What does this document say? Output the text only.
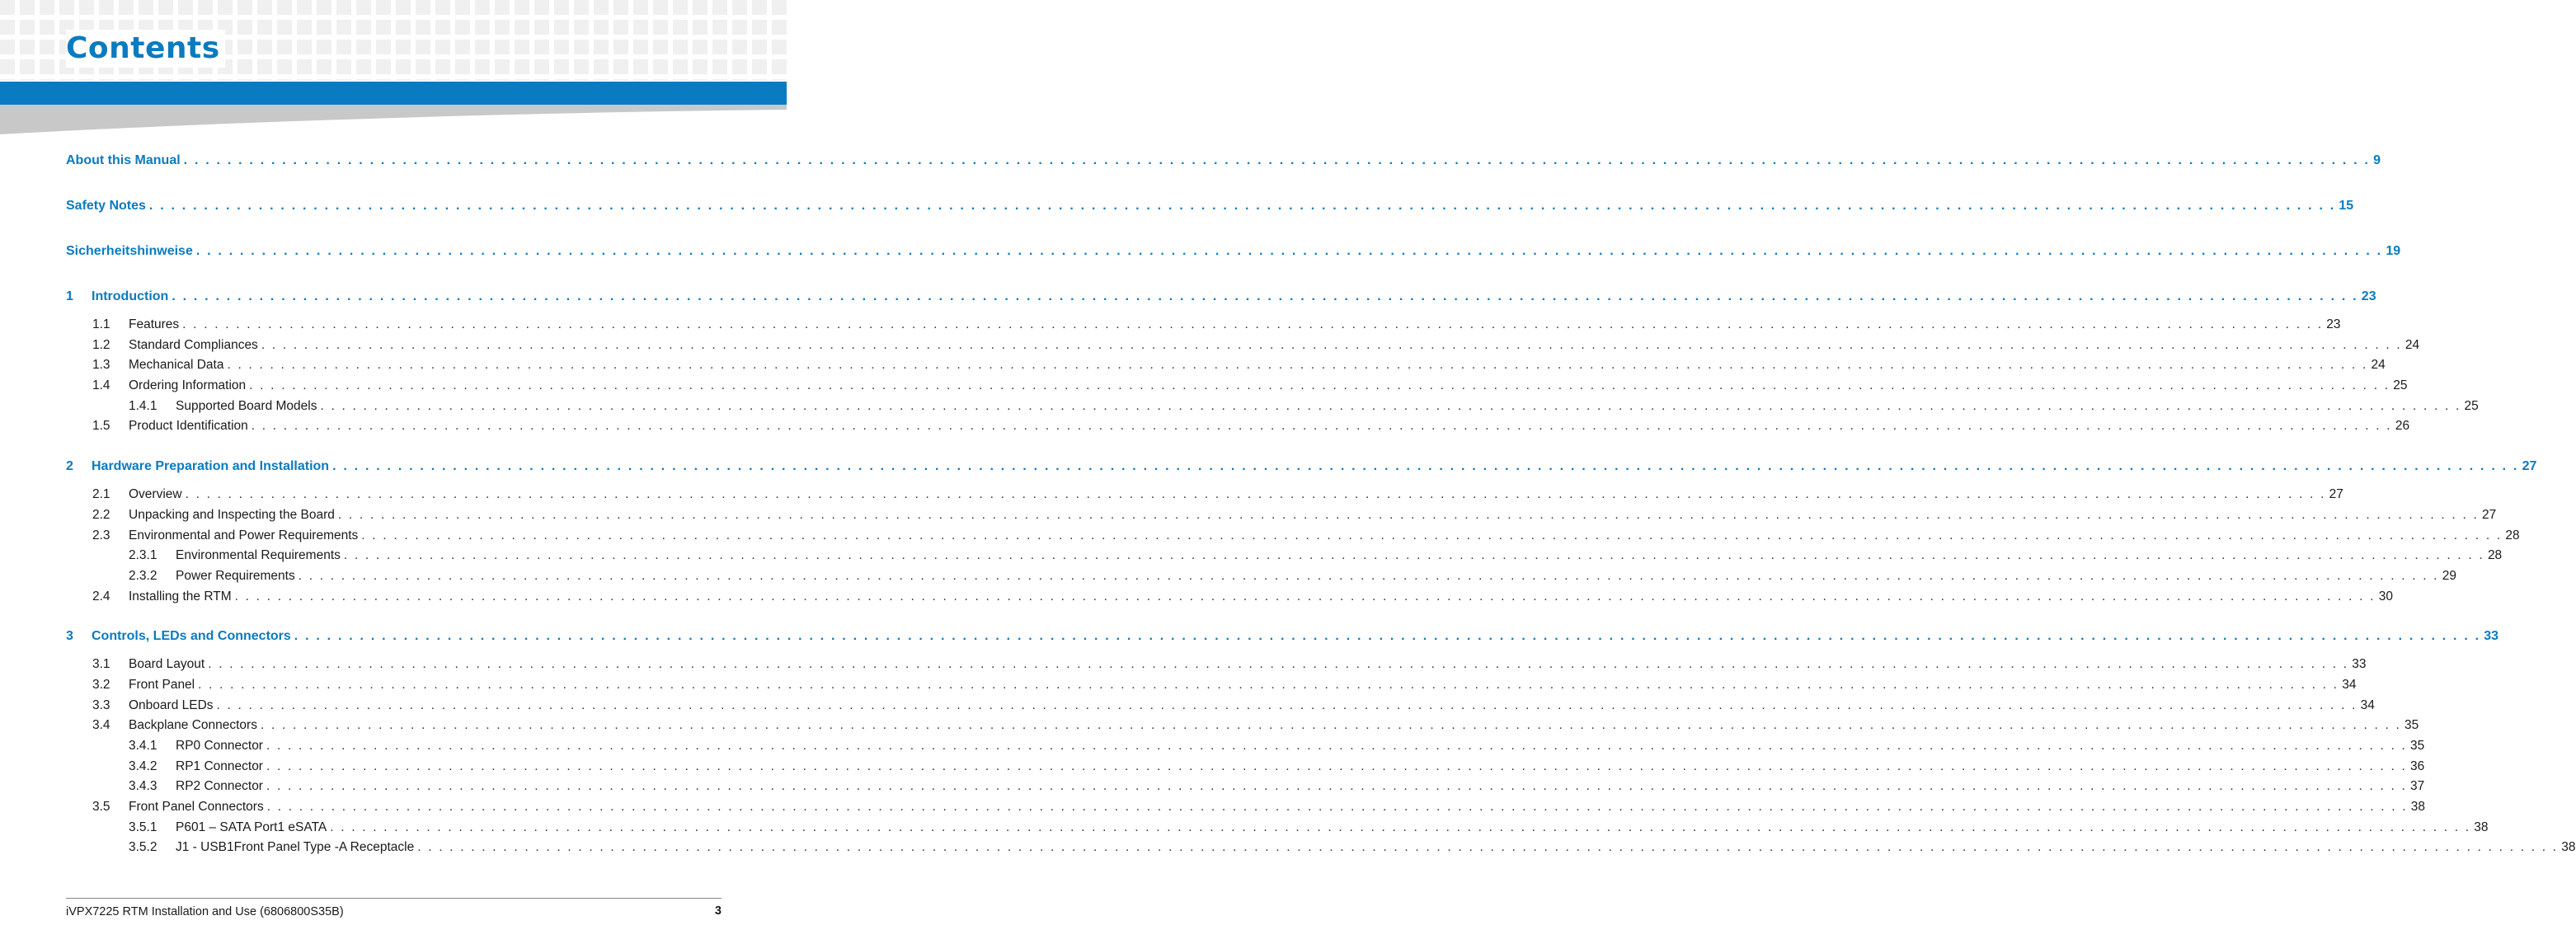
Contents
About this Manual . . . . . . . . . . . . . . . . . . . . . . . . . . . . . . . . . . . . . . . . . . . . . . . . . . . . . . . . . . . . . . . . . . . . . . . . . . . . . . . . . . . . . . . . . . . . . . . . . . . . . . . . . . . . . . . . . . . . . . . . . . . . . . . . . . . . . . . . . . . . . . . . . . . . . . . . . . . . . . . . . . . . . . . . . . . . . . . . . . . . . . . . . . . . . . . . . . . . . . . . 9
Safety Notes . . . . . . . . . . . . . . . . . . . . . . . . . . . . . . . . . . . . . . . . . . . . . . . . . . . . . . . . . . . . . . . . . . . . . . . . . . . . . . . . . . . . . . . . . . . . . . . . . . . . . . . . . . . . . . . . . . . . . . . . . . . . . . . . . . . . . . . . . . . . . . . . . . . . . . . . . . . . . . . . . . . . . . . . . . . . . . . . . . . . . . . . . . . . . . . . . . . . . . . . 15
Sicherheitshinweise . . . . . . . . . . . . . . . . . . . . . . . . . . . . . . . . . . . . . . . . . . . . . . . . . . . . . . . . . . . . . . . . . . . . . . . . . . . . . . . . . . . . . . . . . . . . . . . . . . . . . . . . . . . . . . . . . . . . . . . . . . . . . . . . . . . . . . . . . . . . . . . . . . . . . . . . . . . . . . . . . . . . . . . . . . . . . . . . . . . . . . . . . . . . . . . . . . . . . . . . 19
1	Introduction . . . . . . . . . . . . . . . . . . . . . . . . . . . . . . . . . . . . . . . . . . . . . . . . . . . . . . . . . . . . . . . . . . . . . . . . . . . . . . . . . . . . . . . . . . . . . . . . . . . . . . . . . . . . . . . . . . . . . . . . . . . . . . . . . . . . . . . . . . . . . . . . . . . . . . . . . . . . . . . . . . . . . . . . . . . . . . . . . . . . . . . . . . . . . . . . . . . . . . . . 23
1.1	Features . . . . . . . . . . . . . . . . . . . . . . . . . . . . . . . . . . . . . . . . . . . . . . . . . . . . . . . . . . . . . . . . . . . . . . . . . . . . . . . . . . . . . . . . . . . . . . . . . . . . . . . . . . . . . . . . . . . . . . . . . . . . . . . . . . . . . . . . . . . . . . . . . . . . . . . . . . . . . . . . . . . . . . . . . . . . . . . . . . . . . . . . . . . . . . . . . . . . . . . . 23
1.2	Standard Compliances . . . . . . . . . . . . . . . . . . . . . . . . . . . . . . . . . . . . . . . . . . . . . . . . . . . . . . . . . . . . . . . . . . . . . . . . . . . . . . . . . . . . . . . . . . . . . . . . . . . . . . . . . . . . . . . . . . . . . . . . . . . . . . . . . . . . . . . . . . . . . . . . . . . . . . . . . . . . . . . . . . . . . . . . . . . . . . . . . . . . . . . . . . . . . . . . . . . . . . . . 24
1.3	Mechanical Data . . . . . . . . . . . . . . . . . . . . . . . . . . . . . . . . . . . . . . . . . . . . . . . . . . . . . . . . . . . . . . . . . . . . . . . . . . . . . . . . . . . . . . . . . . . . . . . . . . . . . . . . . . . . . . . . . . . . . . . . . . . . . . . . . . . . . . . . . . . . . . . . . . . . . . . . . . . . . . . . . . . . . . . . . . . . . . . . . . . . . . . . . . . . . . . . . . . . . . . . 24
1.4	Ordering Information . . . . . . . . . . . . . . . . . . . . . . . . . . . . . . . . . . . . . . . . . . . . . . . . . . . . . . . . . . . . . . . . . . . . . . . . . . . . . . . . . . . . . . . . . . . . . . . . . . . . . . . . . . . . . . . . . . . . . . . . . . . . . . . . . . . . . . . . . . . . . . . . . . . . . . . . . . . . . . . . . . . . . . . . . . . . . . . . . . . . . . . . . . . . . . . . . . . . . . . . 25
1.4.1	Supported Board Models . . . . . . . . . . . . . . . . . . . . . . . . . . . . . . . . . . . . . . . . . . . . . . . . . . . . . . . . . . . . . . . . . . . . . . . . . . . . . . . . . . . . . . . . . . . . . . . . . . . . . . . . . . . . . . . . . . . . . . . . . . . . . . . . . . . . . . . . . . . . . . . . . . . . . . . . . . . . . . . . . . . . . . . . . . . . . . . . . . . . . . . . . . . . . . . . . . . . . . . . 25
1.5	Product Identification . . . . . . . . . . . . . . . . . . . . . . . . . . . . . . . . . . . . . . . . . . . . . . . . . . . . . . . . . . . . . . . . . . . . . . . . . . . . . . . . . . . . . . . . . . . . . . . . . . . . . . . . . . . . . . . . . . . . . . . . . . . . . . . . . . . . . . . . . . . . . . . . . . . . . . . . . . . . . . . . . . . . . . . . . . . . . . . . . . . . . . . . . . . . . . . . . . . . . . . . 26
2	Hardware Preparation and Installation . . . . . . . . . . . . . . . . . . . . . . . . . . . . . . . . . . . . . . . . . . . . . . . . . . . . . . . . . . . . . . . . . . . . . . . . . . . . . . . . . . . . . . . . . . . . . . . . . . . . . . . . . . . . . . . . . . . . . . . . . . . . . . . . . . . . . . . . . . . . . . . . . . . . . . . . . . . . . . . . . . . . . . . . . . . . . . . . . . . . . . . . . . . . . . . . . . . . . . . . 27
2.1	Overview . . . . . . . . . . . . . . . . . . . . . . . . . . . . . . . . . . . . . . . . . . . . . . . . . . . . . . . . . . . . . . . . . . . . . . . . . . . . . . . . . . . . . . . . . . . . . . . . . . . . . . . . . . . . . . . . . . . . . . . . . . . . . . . . . . . . . . . . . . . . . . . . . . . . . . . . . . . . . . . . . . . . . . . . . . . . . . . . . . . . . . . . . . . . . . . . . . . . . . . . 27
2.2	Unpacking and Inspecting the Board . . . . . . . . . . . . . . . . . . . . . . . . . . . . . . . . . . . . . . . . . . . . . . . . . . . . . . . . . . . . . . . . . . . . . . . . . . . . . . . . . . . . . . . . . . . . . . . . . . . . . . . . . . . . . . . . . . . . . . . . . . . . . . . . . . . . . . . . . . . . . . . . . . . . . . . . . . . . . . . . . . . . . . . . . . . . . . . . . . . . . . . . . . . . . . . . . . . . . . . . 27
2.3	Environmental and Power Requirements . . . . . . . . . . . . . . . . . . . . . . . . . . . . . . . . . . . . . . . . . . . . . . . . . . . . . . . . . . . . . . . . . . . . . . . . . . . . . . . . . . . . . . . . . . . . . . . . . . . . . . . . . . . . . . . . . . . . . . . . . . . . . . . . . . . . . . . . . . . . . . . . . . . . . . . . . . . . . . . . . . . . . . . . . . . . . . . . . . . . . . . . . . . . . . . . . . . . . . . . 28
2.3.1	Environmental Requirements . . . . . . . . . . . . . . . . . . . . . . . . . . . . . . . . . . . . . . . . . . . . . . . . . . . . . . . . . . . . . . . . . . . . . . . . . . . . . . . . . . . . . . . . . . . . . . . . . . . . . . . . . . . . . . . . . . . . . . . . . . . . . . . . . . . . . . . . . . . . . . . . . . . . . . . . . . . . . . . . . . . . . . . . . . . . . . . . . . . . . . . . . . . . . . . . . . . . . . . . 28
2.3.2	Power Requirements . . . . . . . . . . . . . . . . . . . . . . . . . . . . . . . . . . . . . . . . . . . . . . . . . . . . . . . . . . . . . . . . . . . . . . . . . . . . . . . . . . . . . . . . . . . . . . . . . . . . . . . . . . . . . . . . . . . . . . . . . . . . . . . . . . . . . . . . . . . . . . . . . . . . . . . . . . . . . . . . . . . . . . . . . . . . . . . . . . . . . . . . . . . . . . . . . . . . . . . . 29
2.4	Installing the RTM . . . . . . . . . . . . . . . . . . . . . . . . . . . . . . . . . . . . . . . . . . . . . . . . . . . . . . . . . . . . . . . . . . . . . . . . . . . . . . . . . . . . . . . . . . . . . . . . . . . . . . . . . . . . . . . . . . . . . . . . . . . . . . . . . . . . . . . . . . . . . . . . . . . . . . . . . . . . . . . . . . . . . . . . . . . . . . . . . . . . . . . . . . . . . . . . . . . . . . . . 30
3	Controls, LEDs and Connectors . . . . . . . . . . . . . . . . . . . . . . . . . . . . . . . . . . . . . . . . . . . . . . . . . . . . . . . . . . . . . . . . . . . . . . . . . . . . . . . . . . . . . . . . . . . . . . . . . . . . . . . . . . . . . . . . . . . . . . . . . . . . . . . . . . . . . . . . . . . . . . . . . . . . . . . . . . . . . . . . . . . . . . . . . . . . . . . . . . . . . . . . . . . . . . . . . . . . . . . . 33
3.1	Board Layout . . . . . . . . . . . . . . . . . . . . . . . . . . . . . . . . . . . . . . . . . . . . . . . . . . . . . . . . . . . . . . . . . . . . . . . . . . . . . . . . . . . . . . . . . . . . . . . . . . . . . . . . . . . . . . . . . . . . . . . . . . . . . . . . . . . . . . . . . . . . . . . . . . . . . . . . . . . . . . . . . . . . . . . . . . . . . . . . . . . . . . . . . . . . . . . . . . . . . . . . 33
3.2	Front Panel . . . . . . . . . . . . . . . . . . . . . . . . . . . . . . . . . . . . . . . . . . . . . . . . . . . . . . . . . . . . . . . . . . . . . . . . . . . . . . . . . . . . . . . . . . . . . . . . . . . . . . . . . . . . . . . . . . . . . . . . . . . . . . . . . . . . . . . . . . . . . . . . . . . . . . . . . . . . . . . . . . . . . . . . . . . . . . . . . . . . . . . . . . . . . . . . . . . . . . . . 34
3.3	Onboard LEDs . . . . . . . . . . . . . . . . . . . . . . . . . . . . . . . . . . . . . . . . . . . . . . . . . . . . . . . . . . . . . . . . . . . . . . . . . . . . . . . . . . . . . . . . . . . . . . . . . . . . . . . . . . . . . . . . . . . . . . . . . . . . . . . . . . . . . . . . . . . . . . . . . . . . . . . . . . . . . . . . . . . . . . . . . . . . . . . . . . . . . . . . . . . . . . . . . . . . . . . . 34
3.4	Backplane Connectors . . . . . . . . . . . . . . . . . . . . . . . . . . . . . . . . . . . . . . . . . . . . . . . . . . . . . . . . . . . . . . . . . . . . . . . . . . . . . . . . . . . . . . . . . . . . . . . . . . . . . . . . . . . . . . . . . . . . . . . . . . . . . . . . . . . . . . . . . . . . . . . . . . . . . . . . . . . . . . . . . . . . . . . . . . . . . . . . . . . . . . . . . . . . . . . . . . . . . . . . 35
3.4.1	RP0 Connector . . . . . . . . . . . . . . . . . . . . . . . . . . . . . . . . . . . . . . . . . . . . . . . . . . . . . . . . . . . . . . . . . . . . . . . . . . . . . . . . . . . . . . . . . . . . . . . . . . . . . . . . . . . . . . . . . . . . . . . . . . . . . . . . . . . . . . . . . . . . . . . . . . . . . . . . . . . . . . . . . . . . . . . . . . . . . . . . . . . . . . . . . . . . . . . . . . . . . . . . 35
3.4.2	RP1 Connector . . . . . . . . . . . . . . . . . . . . . . . . . . . . . . . . . . . . . . . . . . . . . . . . . . . . . . . . . . . . . . . . . . . . . . . . . . . . . . . . . . . . . . . . . . . . . . . . . . . . . . . . . . . . . . . . . . . . . . . . . . . . . . . . . . . . . . . . . . . . . . . . . . . . . . . . . . . . . . . . . . . . . . . . . . . . . . . . . . . . . . . . . . . . . . . . . . . . . . . . 36
3.4.3	RP2 Connector . . . . . . . . . . . . . . . . . . . . . . . . . . . . . . . . . . . . . . . . . . . . . . . . . . . . . . . . . . . . . . . . . . . . . . . . . . . . . . . . . . . . . . . . . . . . . . . . . . . . . . . . . . . . . . . . . . . . . . . . . . . . . . . . . . . . . . . . . . . . . . . . . . . . . . . . . . . . . . . . . . . . . . . . . . . . . . . . . . . . . . . . . . . . . . . . . . . . . . . . 37
3.5	Front Panel Connectors . . . . . . . . . . . . . . . . . . . . . . . . . . . . . . . . . . . . . . . . . . . . . . . . . . . . . . . . . . . . . . . . . . . . . . . . . . . . . . . . . . . . . . . . . . . . . . . . . . . . . . . . . . . . . . . . . . . . . . . . . . . . . . . . . . . . . . . . . . . . . . . . . . . . . . . . . . . . . . . . . . . . . . . . . . . . . . . . . . . . . . . . . . . . . . . . . . . . . . . . 38
3.5.1	P601 – SATA Port1 eSATA . . . . . . . . . . . . . . . . . . . . . . . . . . . . . . . . . . . . . . . . . . . . . . . . . . . . . . . . . . . . . . . . . . . . . . . . . . . . . . . . . . . . . . . . . . . . . . . . . . . . . . . . . . . . . . . . . . . . . . . . . . . . . . . . . . . . . . . . . . . . . . . . . . . . . . . . . . . . . . . . . . . . . . . . . . . . . . . . . . . . . . . . . . . . . . . . . . . . . . . . 38
3.5.2	J1 - USB1Front Panel Type -A Receptacle . . . . . . . . . . . . . . . . . . . . . . . . . . . . . . . . . . . . . . . . . . . . . . . . . . . . . . . . . . . . . . . . . . . . . . . . . . . . . . . . . . . . . . . . . . . . . . . . . . . . . . . . . . . . . . . . . . . . . . . . . . . . . . . . . . . . . . . . . . . . . . . . . . . . . . . . . . . . . . . . . . . . . . . . . . . . . . . . . . . . . . . . . . . . . . . . . . . . . . . . 38
iVPX7225 RTM Installation and Use (6806800S35B)	3
